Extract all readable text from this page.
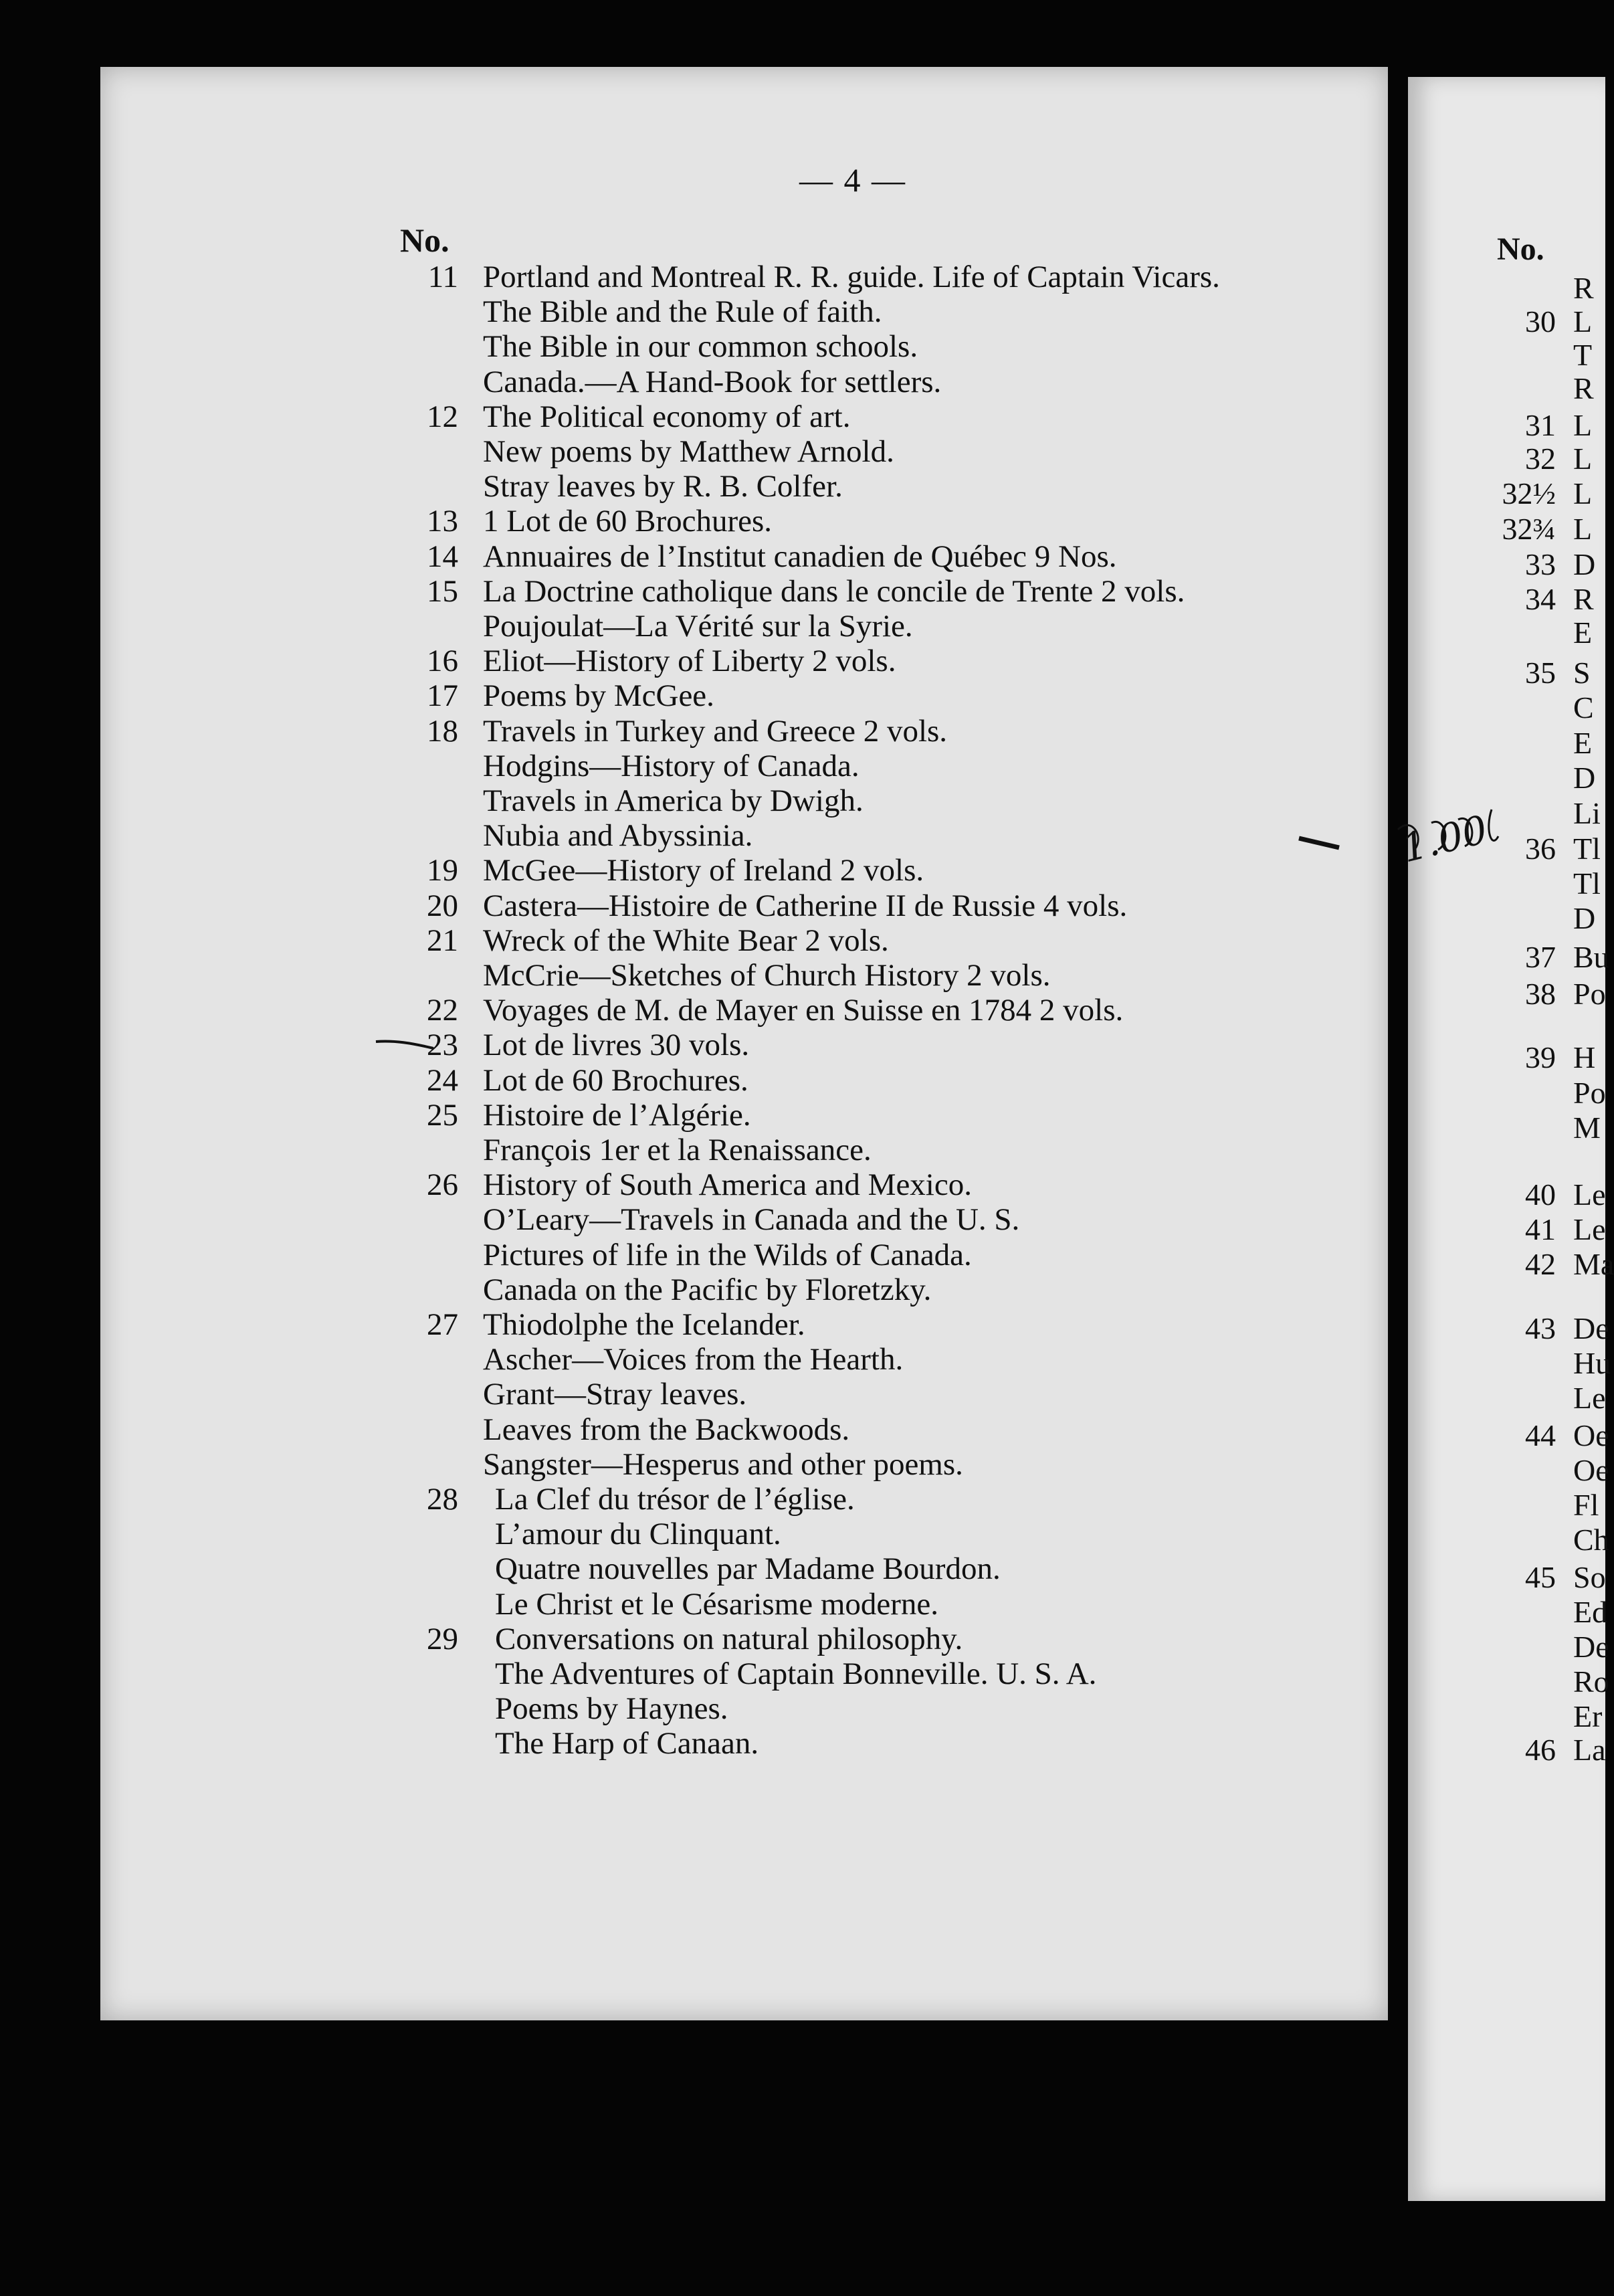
— 4 —
No.	No.
11 Portland and Montreal R. R. guide. Life of Captain Vicars.
The Bible and the Rule of faith.
The Bible in our common schools.
Canada.—A Hand-Book for settlers.
12 The Political economy of art.
New poems by Matthew Arnold.
Stray leaves by R. B. Colfer.
13 1 Lot de 60 Brochures.
14 Annuaires de l’Institut canadien de Québec 9 Nos.
15 La Doctrine catholique dans le concile de Trente 2 vols.
Poujoulat—La Vérité sur la Syrie.
16 Eliot—History of Liberty 2 vols.
17 Poems by McGee.
18 Travels in Turkey and Greece 2 vols.
Hodgins—History of Canada.
Travels in America by Dwigh.
Nubia and Abyssinia.
19 McGee—History of Ireland 2 vols.
20 Castera—Histoire de Catherine II de Russie 4 vols.
21 Wreck of the White Bear 2 vols.
McCrie—Sketches of Church History 2 vols.
22 Voyages de M. de Mayer en Suisse en 1784 2 vols.
23 Lot de livres 30 vols.
24 Lot de 60 Brochures.
25 Histoire de l’Algérie.
François 1er et la Renaissance.
26 History of South America and Mexico.
O’Leary—Travels in Canada and the U. S.
Pictures of life in the Wilds of Canada.
Canada on the Pacific by Floretzky.
27 Thiodolphe the Icelander.
Ascher—Voices from the Hearth.
Grant—Stray leaves.
Leaves from the Backwoods.
Sangster—Hesperus and other poems.
28 La Clef du trésor de l’église.
L’amour du Clinquant.
Quatre nouvelles par Madame Bourdon.
Le Christ et le Césarisme moderne.
29 Conversations on natural philosophy.
The Adventures of Captain Bonneville. U. S. A.
Poems by Haynes.
The Harp of Canaan.
R
30 L
T
R
31 L
32 L
32½ L
32¾ L
33 D
34 R
E
35 S
C
E
D
Li
36 Tl
Tl
D
37 Bu
38 Po
39 H
Po
M
40 Le
41 Le
42 Ma
43 De
Hu
Le
44 Oe
Oe
Fl
Ch
45 So
Ed
De
Ro
Er
46 La
1.00
